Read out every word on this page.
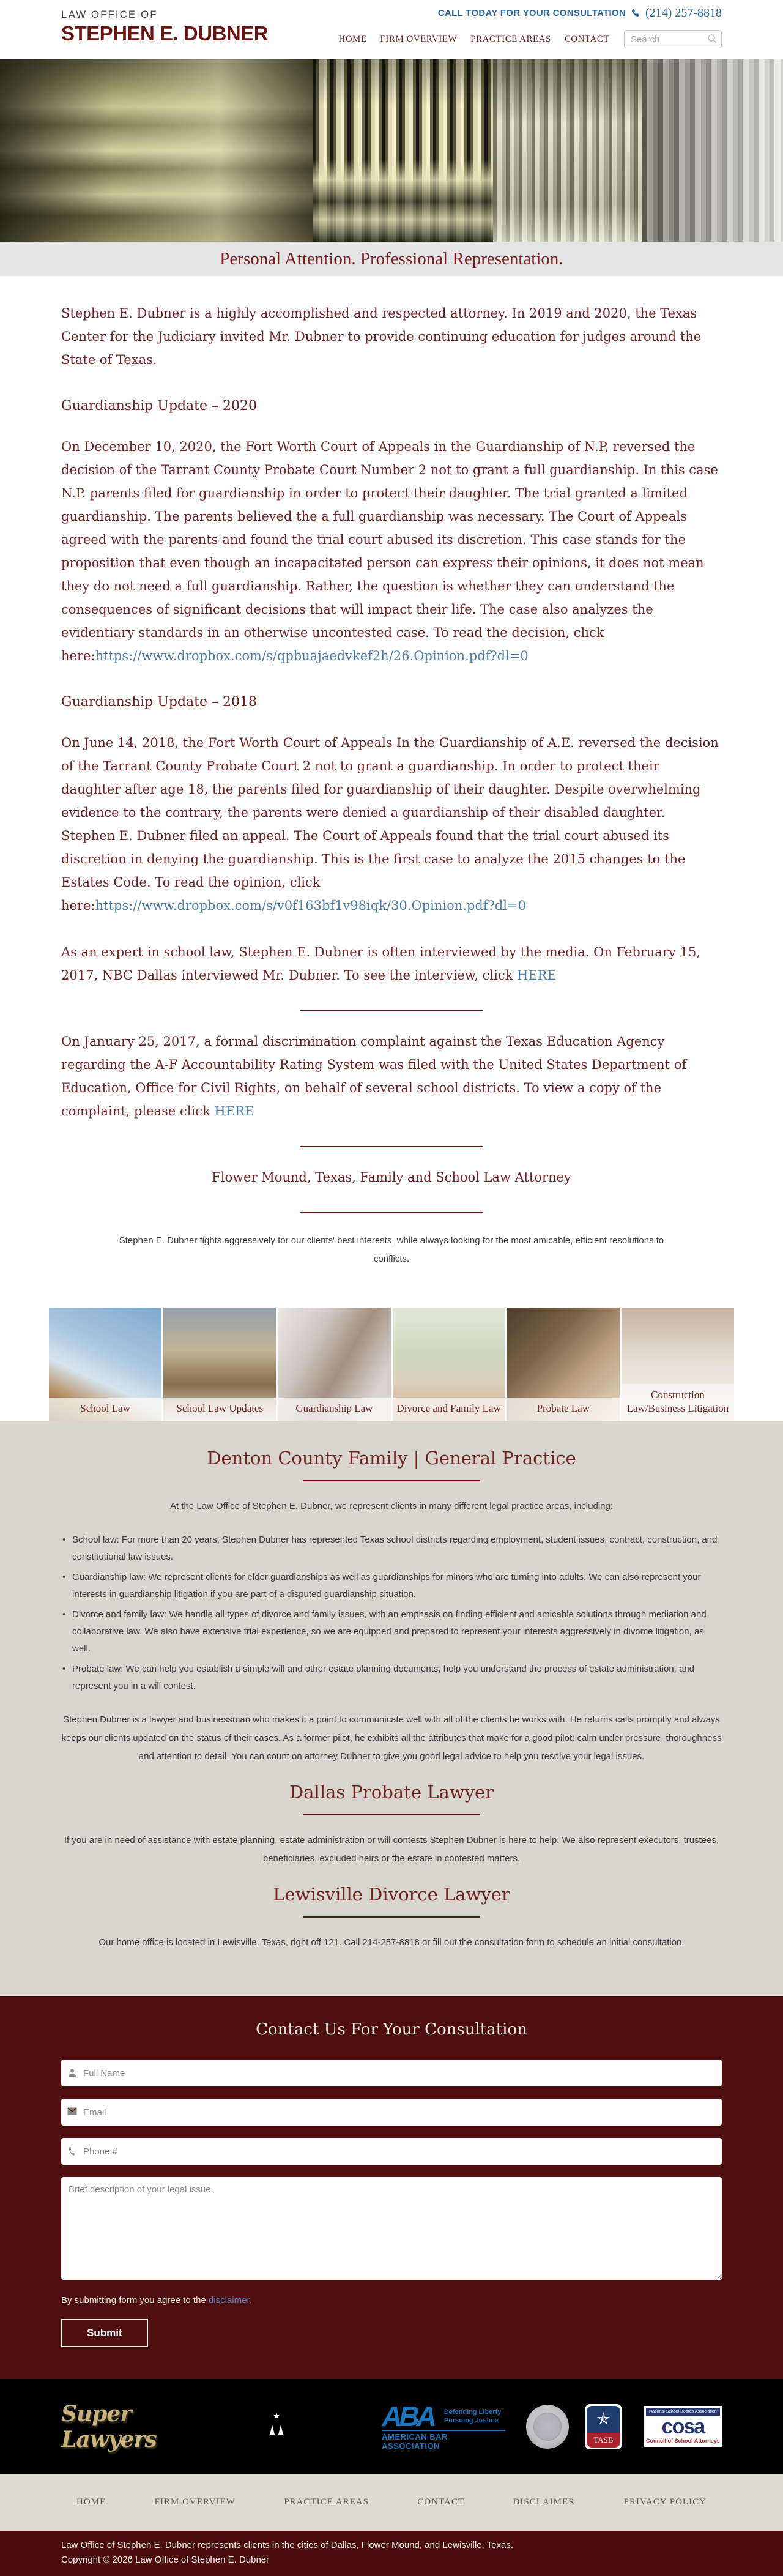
LAW OFFICE OF
STEPHEN E. DUBNER
CALL TODAY FOR YOUR CONSULTATION (214) 257-8818
HOME FIRM OVERVIEW PRACTICE AREAS CONTACT
Search
Personal Attention. Professional Representation.

Stephen E. Dubner is a highly accomplished and respected attorney. In 2019 and 2020, the Texas Center for the Judiciary invited Mr. Dubner to provide continuing education for judges around the State of Texas.

Guardianship Update – 2020

On December 10, 2020, the Fort Worth Court of Appeals in the Guardianship of N.P, reversed the decision of the Tarrant County Probate Court Number 2 not to grant a full guardianship. In this case N.P. parents filed for guardianship in order to protect their daughter. The trial granted a limited guardianship. The parents believed the a full guardianship was necessary. The Court of Appeals agreed with the parents and found the trial court abused its discretion. This case stands for the proposition that even though an incapacitated person can express their opinions, it does not mean they do not need a full guardianship. Rather, the question is whether they can understand the consequences of significant decisions that will impact their life. The case also analyzes the evidentiary standards in an otherwise uncontested case. To read the decision, click here:https://www.dropbox.com/s/qpbuajaedvkef2h/26.Opinion.pdf?dl=0

Guardianship Update – 2018

On June 14, 2018, the Fort Worth Court of Appeals In the Guardianship of A.E. reversed the decision of the Tarrant County Probate Court 2 not to grant a guardianship. In order to protect their daughter after age 18, the parents filed for guardianship of their daughter. Despite overwhelming evidence to the contrary, the parents were denied a guardianship of their disabled daughter. Stephen E. Dubner filed an appeal. The Court of Appeals found that the trial court abused its discretion in denying the guardianship. This is the first case to analyze the 2015 changes to the Estates Code. To read the opinion, click here:https://www.dropbox.com/s/v0f163bf1v98iqk/30.Opinion.pdf?dl=0

As an expert in school law, Stephen E. Dubner is often interviewed by the media. On February 15, 2017, NBC Dallas interviewed Mr. Dubner. To see the interview, click HERE

On January 25, 2017, a formal discrimination complaint against the Texas Education Agency regarding the A-F Accountability Rating System was filed with the United States Department of Education, Office for Civil Rights, on behalf of several school districts. To view a copy of the complaint, please click HERE

Flower Mound, Texas, Family and School Law Attorney

Stephen E. Dubner fights aggressively for our clients' best interests, while always looking for the most amicable, efficient resolutions to conflicts.

School Law	School Law Updates	Guardianship Law	Divorce and Family Law	Probate Law
Construction Law/Business Litigation
Denton County Family | General Practice

At the Law Office of Stephen E. Dubner, we represent clients in many different legal practice areas, including:

• School law: For more than 20 years, Stephen Dubner has represented Texas school districts regarding employment, student issues, contract, construction, and constitutional law issues.
• Guardianship law: We represent clients for elder guardianships as well as guardianships for minors who are turning into adults. We can also represent your interests in guardianship litigation if you are part of a disputed guardianship situation.
• Divorce and family law: We handle all types of divorce and family issues, with an emphasis on finding efficient and amicable solutions through mediation and collaborative law. We also have extensive trial experience, so we are equipped and prepared to represent your interests aggressively in divorce litigation, as well.
• Probate law: We can help you establish a simple will and other estate planning documents, help you understand the process of estate administration, and represent you in a will contest.

Stephen Dubner is a lawyer and businessman who makes it a point to communicate well with all of the clients he works with. He returns calls promptly and always keeps our clients updated on the status of their cases. As a former pilot, he exhibits all the attributes that make for a good pilot: calm under pressure, thoroughness and attention to detail. You can count on attorney Dubner to give you good legal advice to help you resolve your legal issues.

Dallas Probate Lawyer

If you are in need of assistance with estate planning, estate administration or will contests Stephen Dubner is here to help. We also represent executors, trustees, beneficiaries, excluded heirs or the estate in contested matters.

Lewisville Divorce Lawyer

Our home office is located in Lewisville, Texas, right off 121. Call 214-257-8818 or fill out the consultation form to schedule an initial consultation.

Contact Us For Your Consultation
Full Name
Email
Phone #
Brief description of your legal issue.

By submitting form you agree to the disclaimer.

Submit
Super Lawyers
ABA	Defending Liberty
Pursuing Justice
AMERICAN BAR ASSOCIATION
✯
TASB
National School Boards Association
cosa
Council of School Attorneys
HOME	FIRM OVERVIEW	PRACTICE AREAS	CONTACT	DISCLAIMER	PRIVACY POLICY

Law Office of Stephen E. Dubner represents clients in the cities of Dallas, Flower Mound, and Lewisville, Texas.

Copyright © 2026 Law Office of Stephen E. Dubner
